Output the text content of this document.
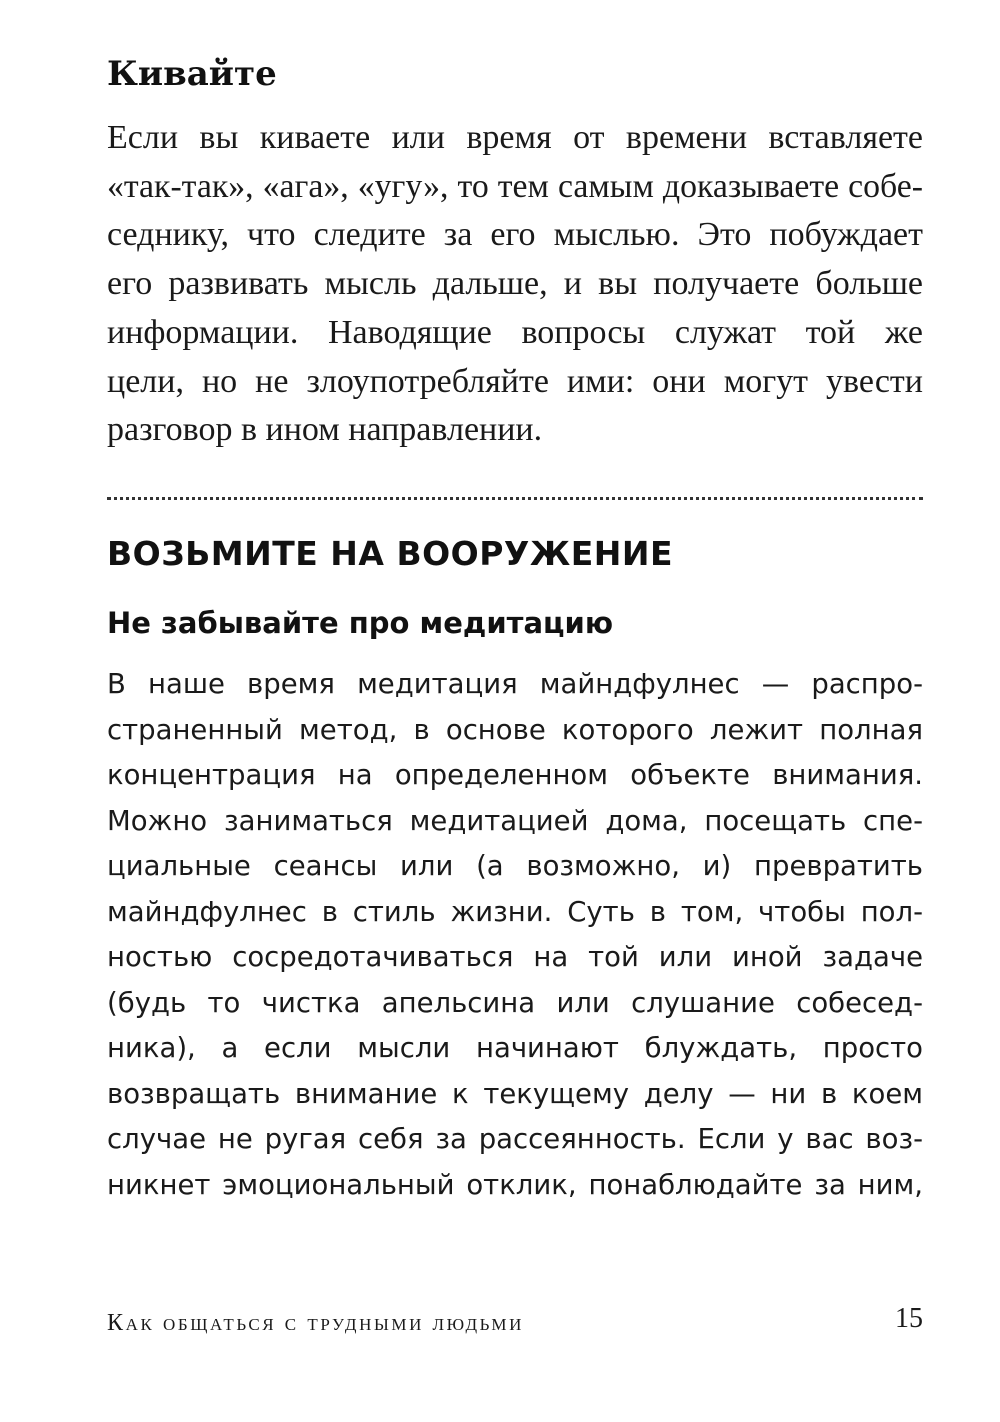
Кивайте
Если вы киваете или время от времени вставляете
«так-так», «ага», «угу», то тем самым доказываете собе-
седнику, что следите за его мыслью. Это побуждает
его развивать мысль дальше, и вы получаете больше
информации. Наводящие вопросы служат той же
цели, но не злоупотребляйте ими: они могут увести
разговор в ином направлении.
ВОЗЬМИТЕ НА ВООРУЖЕНИЕ
Не забывайте про медитацию
В наше время медитация майндфулнес — распро-
страненный метод, в основе которого лежит полная
концентрация на определенном объекте внимания.
Можно заниматься медитацией дома, посещать спе-
циальные сеансы или (а возможно, и) превратить
майндфулнес в стиль жизни. Суть в том, чтобы пол-
ностью сосредотачиваться на той или иной задаче
(будь то чистка апельсина или слушание собесед-
ника), а если мысли начинают блуждать, просто
возвращать внимание к текущему делу — ни в коем
случае не ругая себя за рассеянность. Если у вас воз-
никнет эмоциональный отклик, понаблюдайте за ним,

Как общаться с трудными людьми	15
